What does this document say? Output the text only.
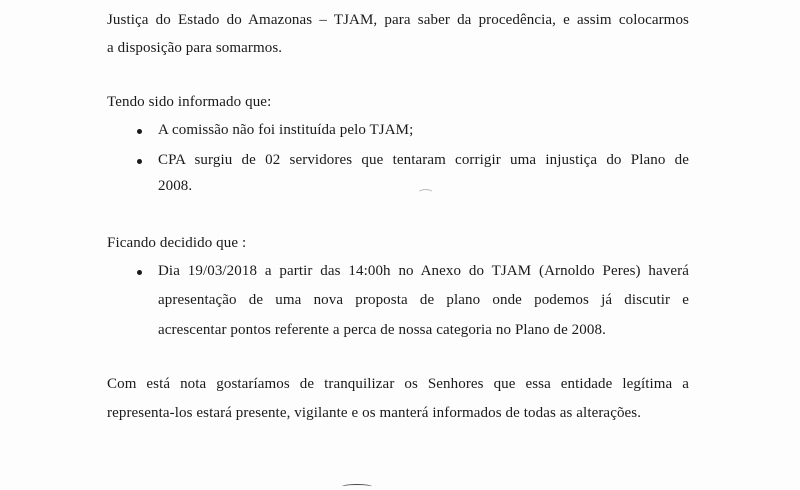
Justiça do Estado do Amazonas – TJAM, para saber da procedência, e assim colocarmos
a disposição para somarmos.
Tendo sido informado que:
A comissão não foi instituída pelo TJAM;
CPA surgiu de 02 servidores que tentaram corrigir uma injustiça do Plano de
2008.
⁀
Ficando decidido que :
Dia 19/03/2018 a partir das 14:00h no Anexo do TJAM (Arnoldo Peres) haverá
apresentação de uma nova proposta de plano onde podemos já discutir e
acrescentar pontos referente a perca de nossa categoria no Plano de 2008.
Com está nota gostaríamos de tranquilizar os Senhores que essa entidade legítima a
representa-los estará presente, vigilante e os manterá informados de todas as alterações.
